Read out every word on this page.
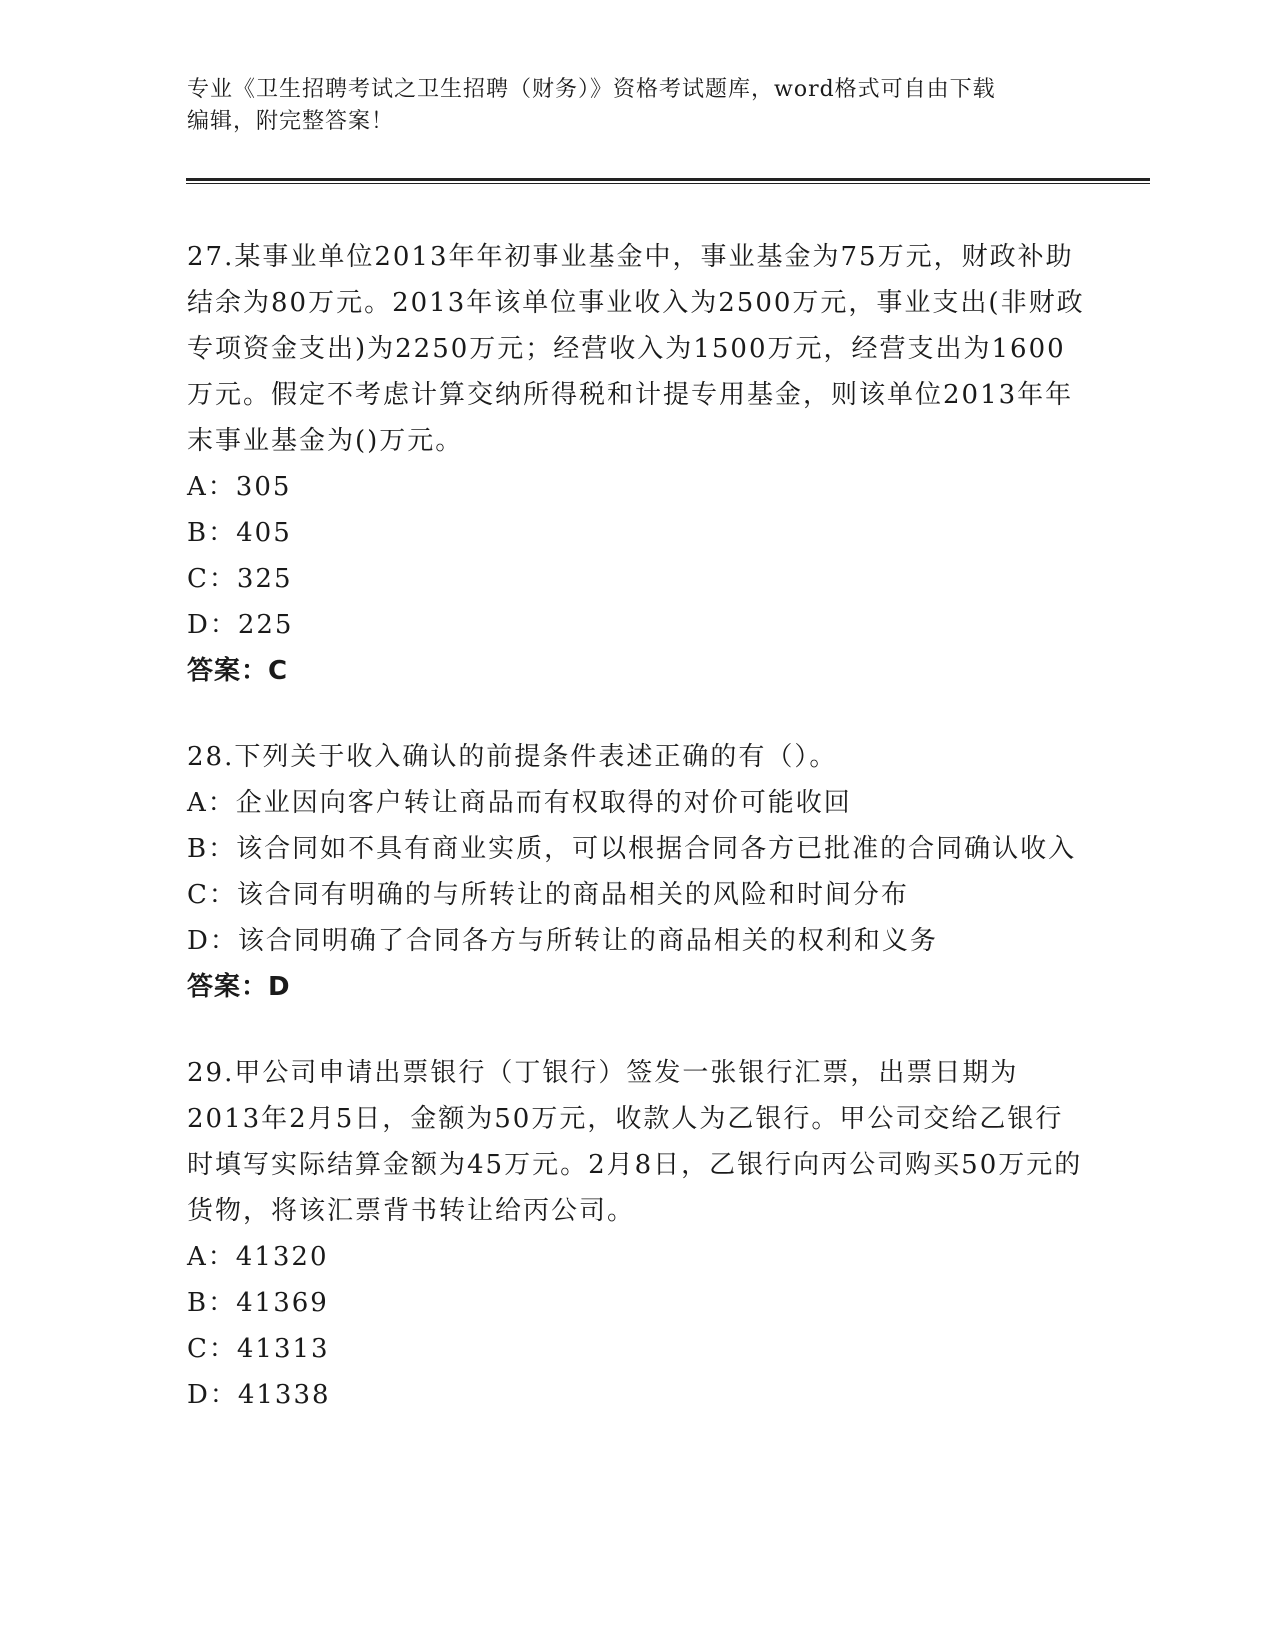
专业《卫生招聘考试之卫生招聘（财务）》资格考试题库，word格式可自由下载
编辑，附完整答案！

27.某事业单位2013年年初事业基金中，事业基金为75万元，财政补助结余为80万元。2013年该单位事业收入为2500万元，事业支出(非财政专项资金支出)为2250万元；经营收入为1500万元，经营支出为1600万元。假定不考虑计算交纳所得税和计提专用基金，则该单位2013年年末事业基金为()万元。

A：305

B：405

C：325

D：225

答案：C

28.下列关于收入确认的前提条件表述正确的有（）。

A：企业因向客户转让商品而有权取得的对价可能收回

B：该合同如不具有商业实质，可以根据合同各方已批准的合同确认收入

C：该合同有明确的与所转让的商品相关的风险和时间分布

D：该合同明确了合同各方与所转让的商品相关的权利和义务

答案：D

29.甲公司申请出票银行（丁银行）签发一张银行汇票，出票日期为2013年2月5日，金额为50万元，收款人为乙银行。甲公司交给乙银行时填写实际结算金额为45万元。2月8日，乙银行向丙公司购买50万元的货物，将该汇票背书转让给丙公司。

A：41320

B：41369

C：41313

D：41338
